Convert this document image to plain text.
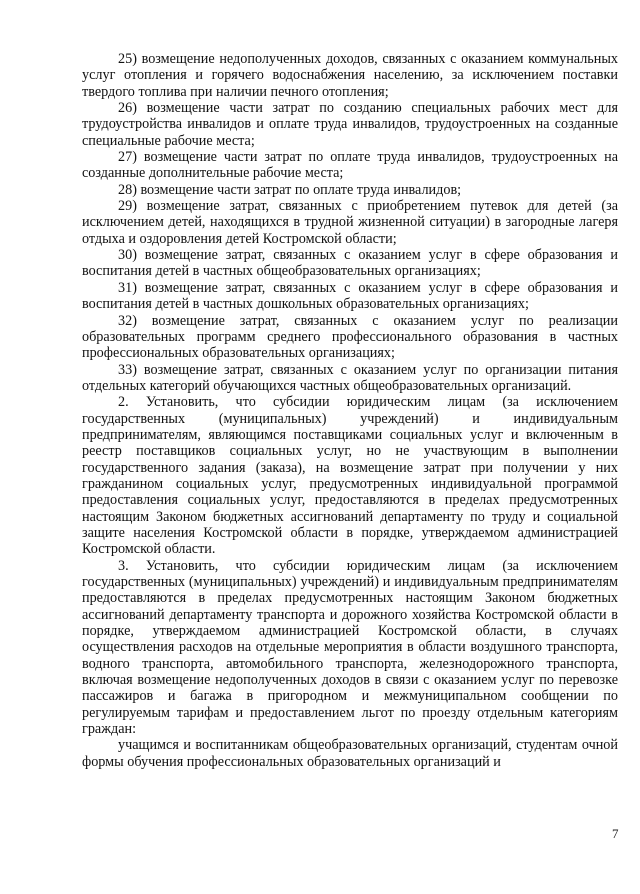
25) возмещение недополученных доходов, связанных с оказанием коммунальных услуг отопления и горячего водоснабжения населению, за исключением поставки твердого топлива при наличии печного отопления;

26) возмещение части затрат по созданию специальных рабочих мест для трудоустройства инвалидов и оплате труда инвалидов, трудоустроенных на созданные специальные рабочие места;

27) возмещение части затрат по оплате труда инвалидов, трудоустроенных на созданные дополнительные рабочие места;

28) возмещение части затрат по оплате труда инвалидов;

29) возмещение затрат, связанных с приобретением путевок для детей (за исключением детей, находящихся в трудной жизненной ситуации) в загородные лагеря отдыха и оздоровления детей Костромской области;

30) возмещение затрат, связанных с оказанием услуг в сфере образования и воспитания детей в частных общеобразовательных организациях;

31) возмещение затрат, связанных с оказанием услуг в сфере образования и воспитания детей в частных дошкольных образовательных организациях;

32) возмещение затрат, связанных с оказанием услуг по реализации образовательных программ среднего профессионального образования в частных профессиональных образовательных организациях;

33) возмещение затрат, связанных с оказанием услуг по организации питания отдельных категорий обучающихся частных общеобразовательных организаций.

2. Установить, что субсидии юридическим лицам (за исключением государственных (муниципальных) учреждений) и индивидуальным предпринимателям, являющимся поставщиками социальных услуг и включенным в реестр поставщиков социальных услуг, но не участвующим в выполнении государственного задания (заказа), на возмещение затрат при получении у них гражданином социальных услуг, предусмотренных индивидуальной программой предоставления социальных услуг, предоставляются в пределах предусмотренных настоящим Законом бюджетных ассигнований департаменту по труду и социальной защите населения Костромской области в порядке, утверждаемом администрацией Костромской области.

3. Установить, что субсидии юридическим лицам (за исключением государственных (муниципальных) учреждений) и индивидуальным предпринимателям предоставляются в пределах предусмотренных настоящим Законом бюджетных ассигнований департаменту транспорта и дорожного хозяйства Костромской области в порядке, утверждаемом администрацией Костромской области, в случаях осуществления расходов на отдельные мероприятия в области воздушного транспорта, водного транспорта, автомобильного транспорта, железнодорожного транспорта, включая возмещение недополученных доходов в связи с оказанием услуг по перевозке пассажиров и багажа в пригородном и межмуниципальном сообщении по регулируемым тарифам и предоставлением льгот по проезду отдельным категориям граждан:

учащимся и воспитанникам общеобразовательных организаций, студентам очной формы обучения профессиональных образовательных организаций и

7
